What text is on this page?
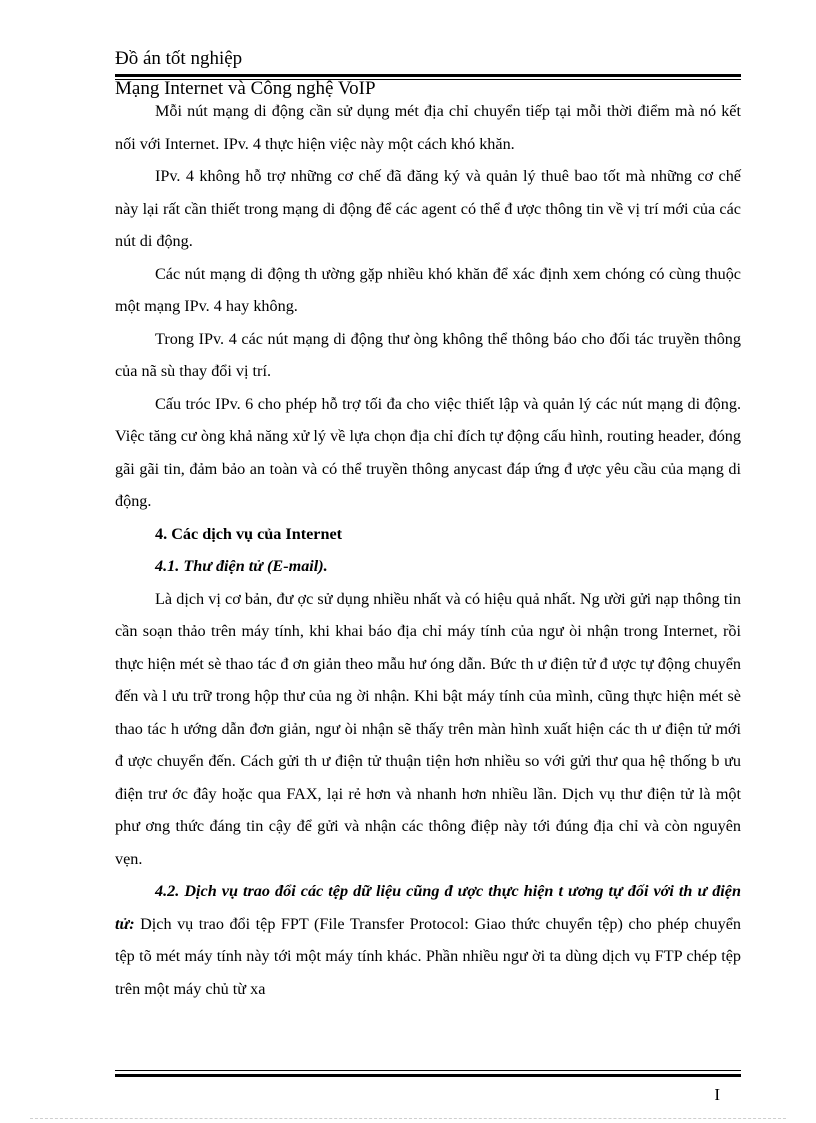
Đồ án tốt nghiệp
Mạng Internet và Công nghệ VoIP

Mỗi nút mạng di động cần sử dụng mét địa chỉ chuyển tiếp tại mỗi thời điểm mà nó kết nối với Internet. IPv. 4 thực hiện việc này một cách khó khăn.

IPv. 4 không hỗ trợ những cơ chế đã đăng ký và quản lý thuê bao tốt mà những cơ chế này lại rất cần thiết trong mạng di động để các agent có thể đ ược thông tin về vị trí mới của các nút di động.

Các nút mạng di động th ường gặp nhiều khó khăn để xác định xem chóng có cùng thuộc một mạng IPv. 4 hay không.

Trong IPv. 4 các nút mạng di động thư òng không thể thông báo cho đối tác truyền thông của nã sù thay đổi vị trí.

Cấu tróc IPv. 6 cho phép hỗ trợ tối đa cho việc thiết lập và quản lý các nút mạng di động. Việc tăng cư òng khả năng xử lý về lựa chọn địa chỉ đích tự động cấu hình, routing header, đóng gãi gãi tin, đảm bảo an toàn và có thể truyền thông anycast đáp ứng đ ược yêu cầu của mạng di động.

4. Các dịch vụ của Internet

4.1. Thư điện tử (E-mail).

Là dịch vị cơ bản, đư ợc sử dụng nhiều nhất và có hiệu quả nhất. Ng ười gửi nạp thông tin cần soạn thảo trên máy tính, khi khai báo địa chỉ máy tính của ngư òi nhận trong Internet, rồi thực hiện mét sè thao tác đ ơn giản theo mẫu hư óng dẫn. Bức th ư điện tử đ ược tự động chuyển đến và l ưu trữ trong hộp thư của ng ời nhận. Khi bật máy tính của mình, cũng thực hiện mét sè thao tác h ướng dẫn đơn giản, ngư òi nhận sẽ thấy trên màn hình xuất hiện các th ư điện tử mới đ ược chuyển đến. Cách gửi th ư điện tử thuận tiện hơn nhiều so với gửi thư qua hệ thống b ưu điện trư ớc đây hoặc qua FAX, lại rẻ hơn và nhanh hơn nhiều lần. Dịch vụ thư điện tử là một phư ơng thức đáng tin cậy để gửi và nhận các thông điệp này tới đúng địa chỉ và còn nguyên vẹn.

4.2. Dịch vụ trao đổi các tệp dữ liệu cũng đ ược thực hiện t ương tự đối với th ư điện tử: Dịch vụ trao đổi tệp FPT (File Transfer Protocol: Giao thức chuyển tệp) cho phép chuyển tệp tõ mét máy tính này tới một máy tính khác. Phần nhiều ngư ời ta dùng dịch vụ FTP chép tệp trên một máy chủ từ xa

I
